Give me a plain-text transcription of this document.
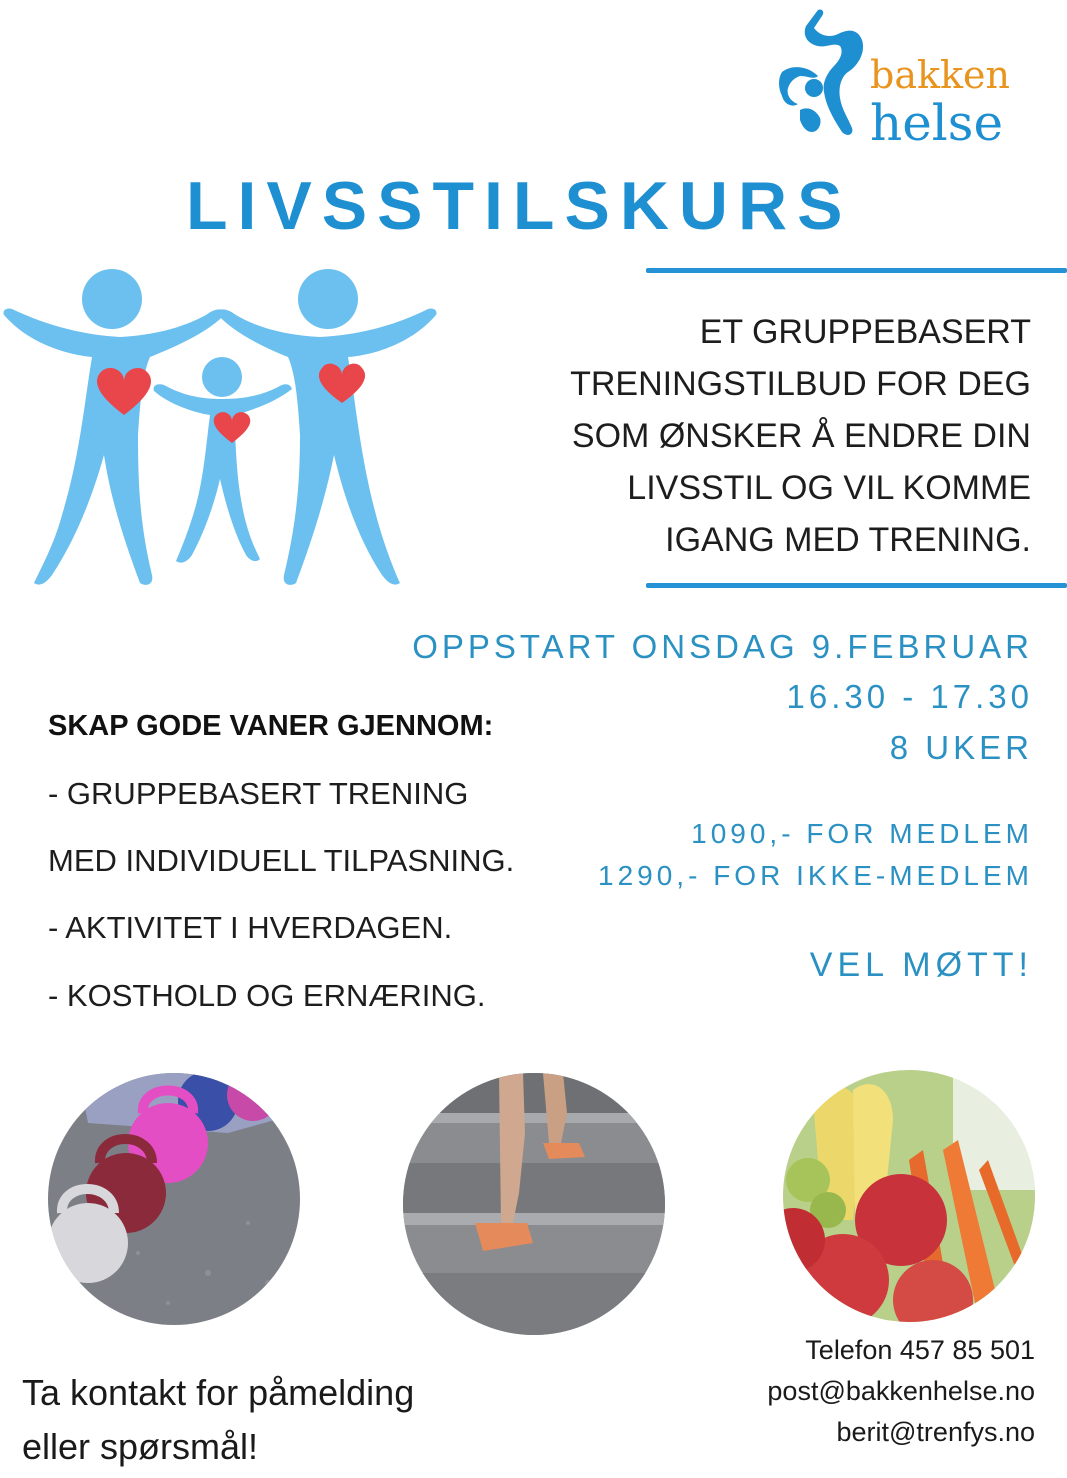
bakken
helse
LIVSSTILSKURS
ET GRUPPEBASERT
TRENINGSTILBUD FOR DEG
SOM ØNSKER Å ENDRE DIN
LIVSSTIL OG VIL KOMME
IGANG MED TRENING.
OPPSTART ONSDAG 9.FEBRUAR
16.30 - 17.30
8 UKER
1090,- FOR MEDLEM
1290,- FOR IKKE-MEDLEM
VEL MØTT!
SKAP GODE VANER GJENNOM:
- GRUPPEBASERT TRENING
MED INDIVIDUELL TILPASNING.
- AKTIVITET I HVERDAGEN.
- KOSTHOLD OG ERNÆRING.
Ta kontakt for påmelding
eller spørsmål!
Telefon 457 85 501
post@bakkenhelse.no
berit@trenfys.no
